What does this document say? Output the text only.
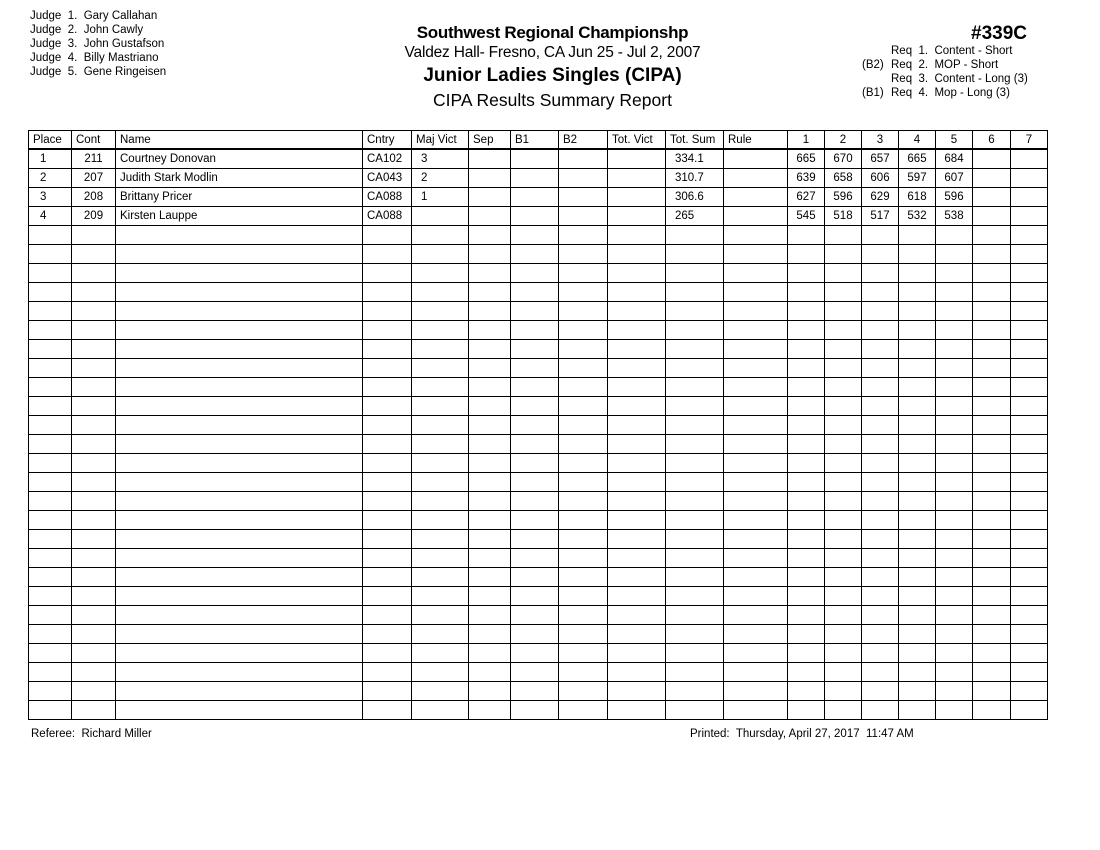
Judge  1. Gary Callahan
Judge  2. John Cawly
Judge  3. John Gustafson
Judge  4. Billy Mastriano
Judge  5. Gene Ringeisen
Southwest Regional Championshp
Valdez Hall- Fresno, CA Jun 25 - Jul 2, 2007
Junior Ladies Singles (CIPA)
CIPA Results Summary Report
#339C
Req  1.
Content - Short
(B2) Req  2.
MOP - Short
Req  3.
Content - Long (3)
(B1) Req  4.
Mop - Long (3)
Place	Cont	Name	Cntry	Maj Vict	Sep	B1	B2	Tot. Vict	Tot. Sum	Rule	1	2	3	4	5	6	7
1	211	Courtney Donovan	CA102	3					334.1		665	670	657	665	684		
2	207	Judith Stark Modlin	CA043	2					310.7		639	658	606	597	607		
3	208	Brittany Pricer	CA088	1					306.6		627	596	629	618	596		
4	209	Kirsten Lauppe	CA088						265		545	518	517	532	538		

Referee:  Richard Miller	Printed:  Thursday, April 27, 2017  11:47 AM
